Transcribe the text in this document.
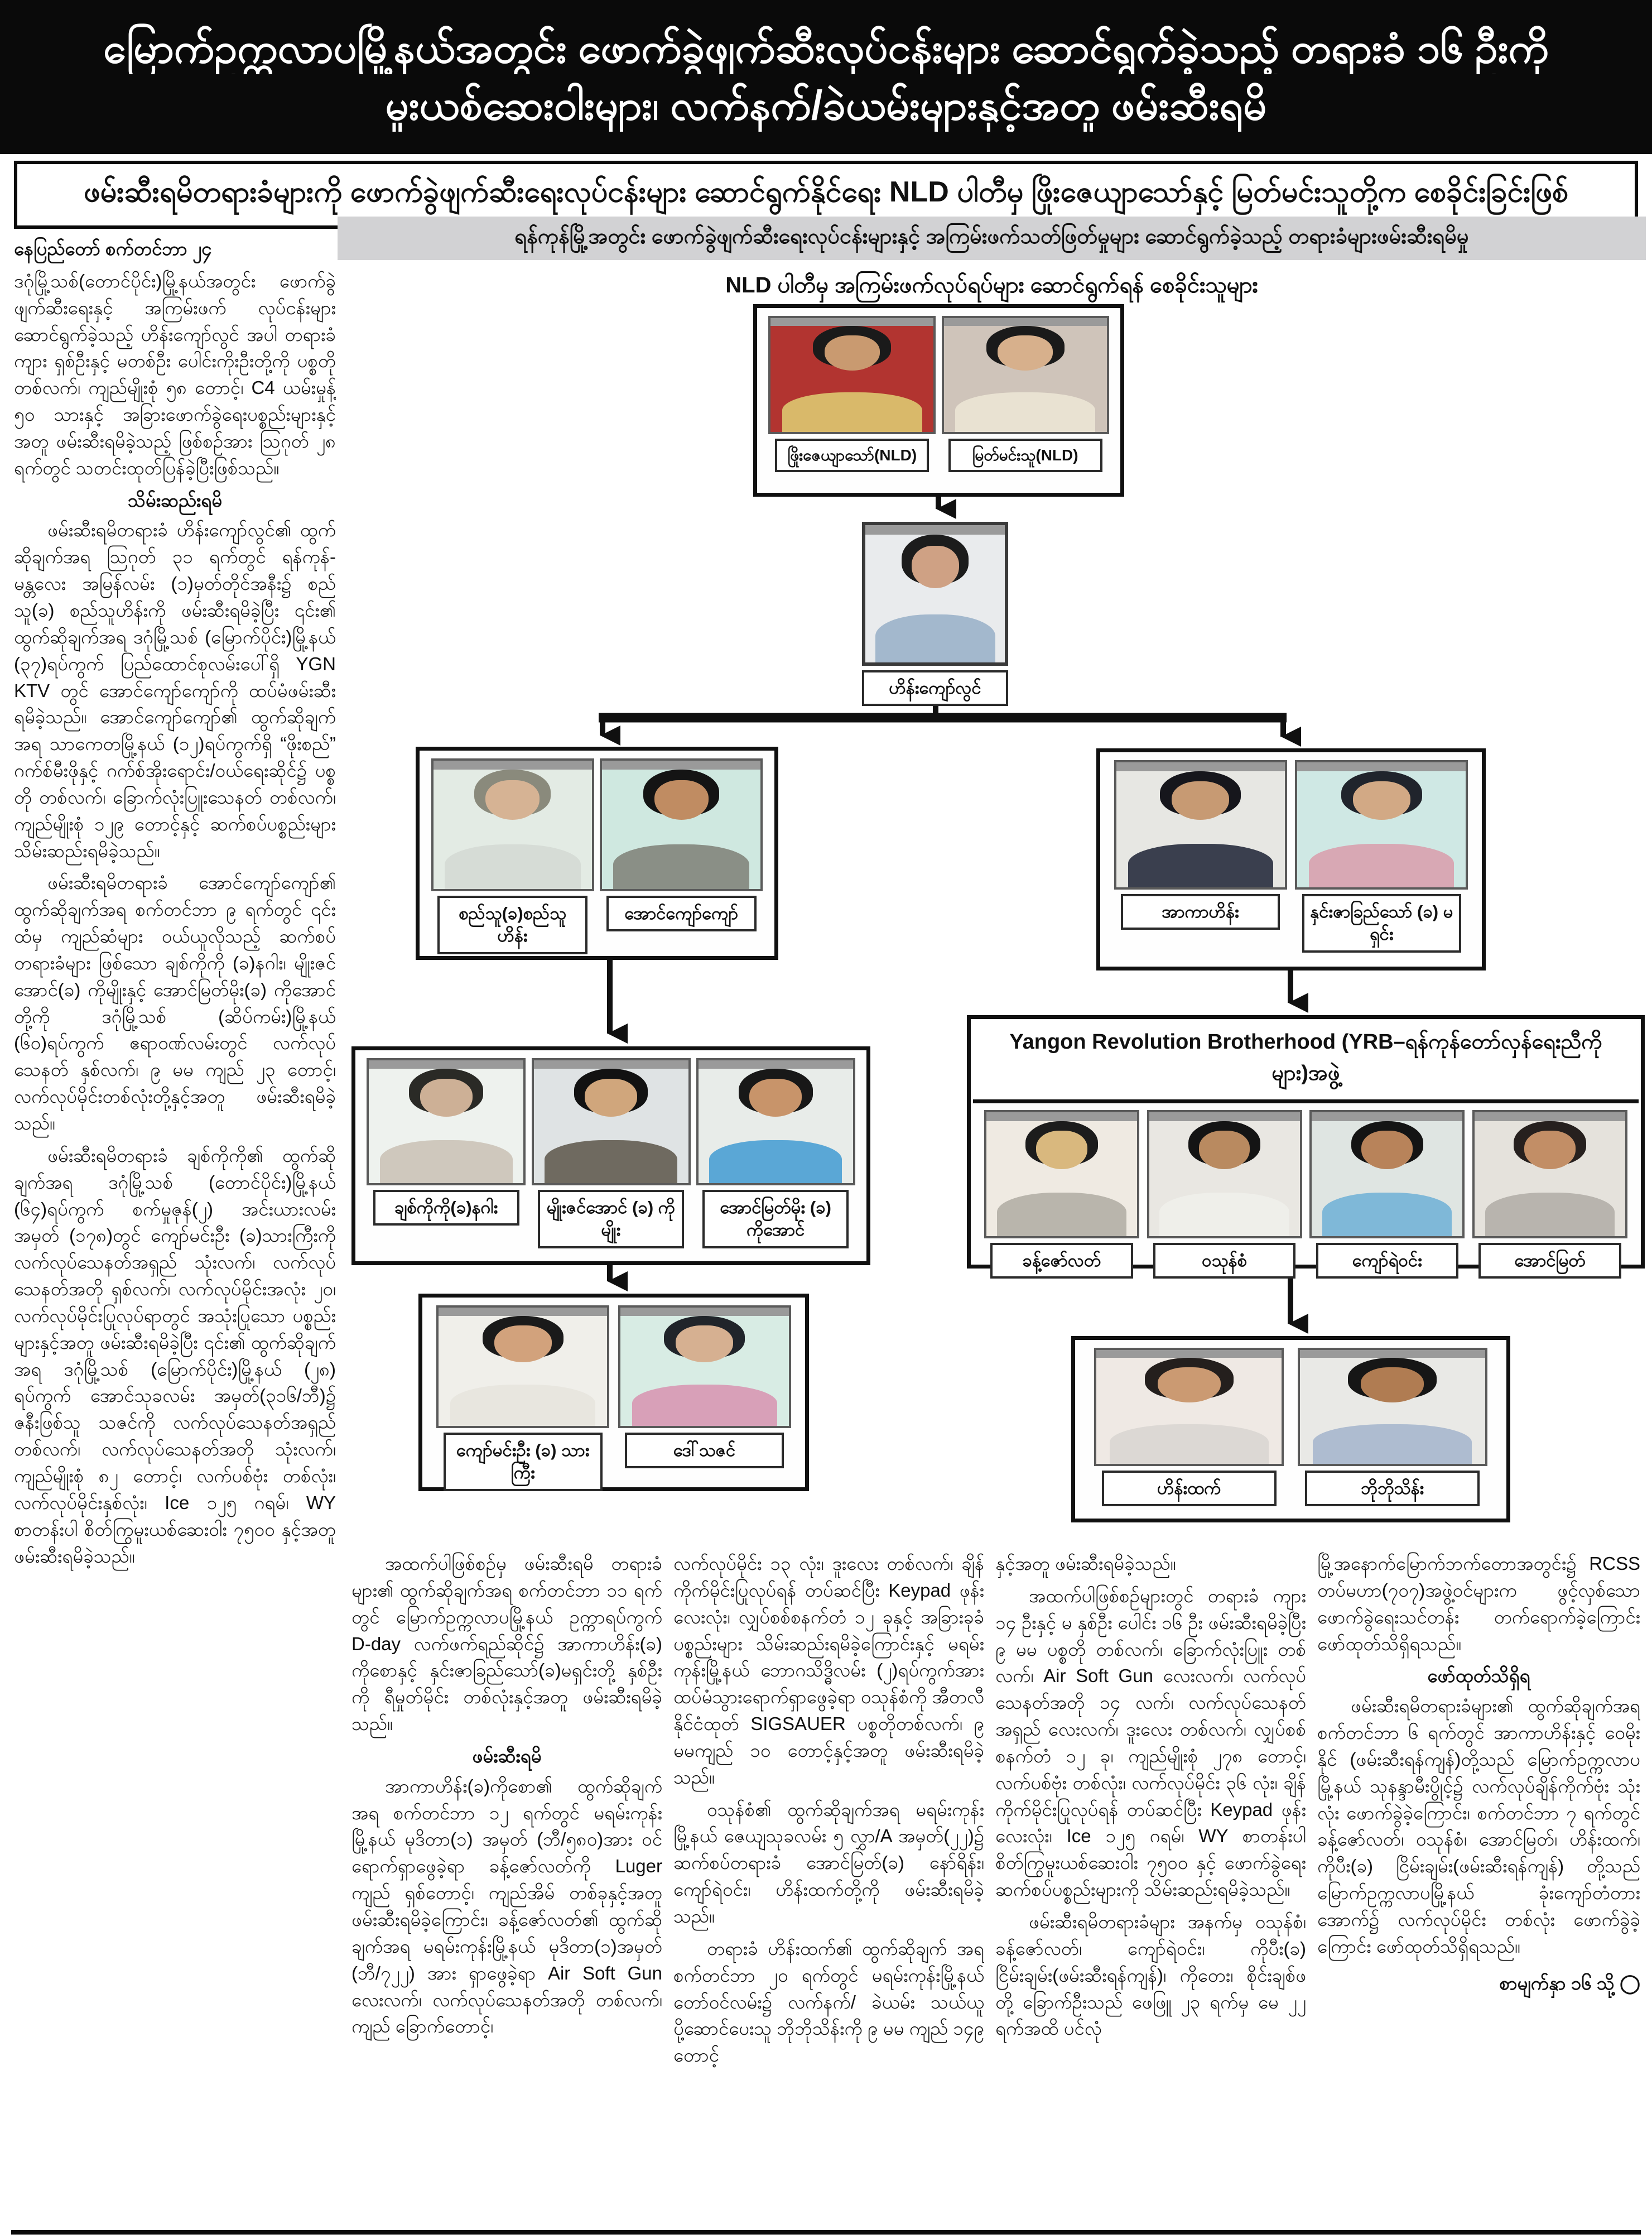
မြောက်ဥက္ကလာပမြို့နယ်အတွင်း ဖောက်ခွဲဖျက်ဆီးလုပ်ငန်းများ ဆောင်ရွက်ခဲ့သည့် တရားခံ ၁၆ ဦးကို
မူးယစ်ဆေးဝါးများ၊ လက်နက်/ခဲယမ်းများနှင့်အတူ ဖမ်းဆီးရမိ
ဖမ်းဆီးရမိတရားခံများကို ဖောက်ခွဲဖျက်ဆီးရေးလုပ်ငန်းများ ဆောင်ရွက်နိုင်ရေး NLD ပါတီမှ ဖြိုးဇေယျာသော်နှင့် မြတ်မင်းသူတို့က စေခိုင်းခြင်းဖြစ်

နေပြည်တော် စက်တင်ဘာ ၂၄

ဒဂုံမြို့သစ်(တောင်ပိုင်း)မြို့နယ်အတွင်း ဖောက်ခွဲဖျက်ဆီးရေးနှင့် အကြမ်းဖက် လုပ်ငန်းများ ဆောင်ရွက်ခဲ့သည့် ဟိန်းကျော်လွင် အပါ တရားခံကျား ရှစ်ဦးနှင့် မတစ်ဦး ပေါင်းကိုးဦးတို့ကို ပစ္စတိုတစ်လက်၊ ကျည်မျိုးစုံ ၅၈ တောင့်၊ C4 ယမ်းမှုန့် ၅၀ သားနှင့် အခြားဖောက်ခွဲရေးပစ္စည်းများနှင့်အတူ ဖမ်းဆီးရမိခဲ့သည့် ဖြစ်စဉ်အား ဩဂုတ် ၂၈ ရက်တွင် သတင်းထုတ်ပြန်ခဲ့ပြီးဖြစ်သည်။

သိမ်းဆည်းရမိ

ဖမ်းဆီးရမိတရားခံ ဟိန်းကျော်လွင်၏ ထွက်ဆိုချက်အရ ဩဂုတ် ၃၁ ရက်တွင် ရန်ကုန်-မန္တလေး အမြန်လမ်း (၁)မှတ်တိုင်အနီး၌ စည်သူ(ခ) စည်သူဟိန်းကို ဖမ်းဆီးရမိခဲ့ပြီး ၎င်း၏ ထွက်ဆိုချက်အရ ဒဂုံမြို့သစ် (မြောက်ပိုင်း)မြို့နယ် (၃၇)ရပ်ကွက် ပြည်ထောင်စုလမ်းပေါ်ရှိ YGN KTV တွင် အောင်ကျော်ကျော်ကို ထပ်မံဖမ်းဆီးရမိခဲ့သည်။ အောင်ကျော်ကျော်၏ ထွက်ဆိုချက်အရ သာကေတမြို့နယ် (၁၂)ရပ်ကွက်ရှိ “ဖိုးစည်” ဂက်စ်မီးဖိုနှင့် ဂက်စ်အိုးရောင်း/ဝယ်ရေးဆိုင်၌ ပစ္စတို တစ်လက်၊ ခြောက်လုံးပြူးသေနတ် တစ်လက်၊ ကျည်မျိုးစုံ ၁၂၉ တောင့်နှင့် ဆက်စပ်ပစ္စည်းများ သိမ်းဆည်းရမိခဲ့သည်။

ဖမ်းဆီးရမိတရားခံ အောင်ကျော်ကျော်၏ ထွက်ဆိုချက်အရ စက်တင်ဘာ ၉ ရက်တွင် ၎င်းထံမှ ကျည်ဆံများ ဝယ်ယူလိုသည့် ဆက်စပ်တရားခံများ ဖြစ်သော ချစ်ကိုကို (ခ)နဂါး၊ မျိုးဇင်အောင်(ခ) ကိုမျိုးနှင့် အောင်မြတ်မိုး(ခ) ကိုအောင်တို့ကို ဒဂုံမြို့သစ် (ဆိပ်ကမ်း)မြို့နယ် (၆၀)ရပ်ကွက် ဧရာဝဏ်လမ်းတွင် လက်လုပ်သေနတ် နှစ်လက်၊ ၉ မမ ကျည် ၂၃ တောင့်၊ လက်လုပ်မိုင်းတစ်လုံးတို့နှင့်အတူ ဖမ်းဆီးရမိခဲ့သည်။

ဖမ်းဆီးရမိတရားခံ ချစ်ကိုကို၏ ထွက်ဆိုချက်အရ ဒဂုံမြို့သစ် (တောင်ပိုင်း)မြို့နယ် (၆၄)ရပ်ကွက် စက်မှုဇုန်(၂) အင်းယားလမ်း အမှတ် (၁၇၈)တွင် ကျော်မင်းဦး (ခ)သားကြီးကို လက်လုပ်သေနတ်အရှည် သုံးလက်၊ လက်လုပ်သေနတ်အတို ရှစ်လက်၊ လက်လုပ်မိုင်းအလုံး ၂၀၊ လက်လုပ်မိုင်းပြုလုပ်ရာတွင် အသုံးပြုသော ပစ္စည်းများနှင့်အတူ ဖမ်းဆီးရမိခဲ့ပြီး ၎င်း၏ ထွက်ဆိုချက်အရ ဒဂုံမြို့သစ် (မြောက်ပိုင်း)မြို့နယ် (၂၈) ရပ်ကွက် အောင်သုခလမ်း အမှတ်(၃၁၆/ဘီ)၌ ဇနီးဖြစ်သူ သဇင်ကို လက်လုပ်သေနတ်အရှည် တစ်လက်၊ လက်လုပ်သေနတ်အတို သုံးလက်၊ ကျည်မျိုးစုံ ၈၂ တောင့်၊ လက်ပစ်ဗုံး တစ်လုံး၊ လက်လုပ်မိုင်းနှစ်လုံး၊ Ice ၁၂၅ ဂရမ်၊ WY စာတန်းပါ စိတ်ကြွမူးယစ်ဆေးဝါး ၇၅၀၀ နှင့်အတူ ဖမ်းဆီးရမိခဲ့သည်။

ရန်ကုန်မြို့အတွင်း ဖောက်ခွဲဖျက်ဆီးရေးလုပ်ငန်းများနှင့် အကြမ်းဖက်သတ်ဖြတ်မှုများ ဆောင်ရွက်ခဲ့သည့် တရားခံများဖမ်းဆီးရမိမှု
NLD ပါတီမှ အကြမ်းဖက်လုပ်ရပ်များ ဆောင်ရွက်ရန် စေခိုင်းသူများ
ဖြိုးဇေယျာသော်(NLD)	မြတ်မင်းသူ(NLD)
ဟိန်းကျော်လွင်
စည်သူ(ခ)စည်သူဟိန်း
အောင်ကျော်ကျော်	အာကာဟိန်း	နှင်းဇာခြည်သော် (ခ) မရှင်း
ချစ်ကိုကို(ခ)နဂါး	မျိုးဇင်အောင် (ခ) ကိုမျိုး
အောင်မြတ်မိုး (ခ) ကိုအောင်
Yangon Revolution Brotherhood (YRB–ရန်ကုန်တော်လှန်ရေးညီကိုများ)အဖွဲ့
ခန့်ဇော်လတ်	ဝသုန်စံ	ကျော်ရဲဝင်း	အောင်မြတ်
ကျော်မင်းဦး (ခ) သားကြီး
ဒေါ်သဇင်
ဟိန်းထက်	ဘိုဘိုသိန်း

အထက်ပါဖြစ်စဉ်မှ ဖမ်းဆီးရမိ တရားခံများ၏ ထွက်ဆိုချက်အရ စက်တင်ဘာ ၁၁ ရက်တွင် မြောက်ဥက္ကလာပမြို့နယ် ဥက္ကာရပ်ကွက် D-day လက်ဖက်ရည်ဆိုင်၌ အာကာဟိန်း(ခ) ကိုစောနှင့် နှင်းဇာခြည်သော်(ခ)မရှင်းတို့ နှစ်ဦးကို ရီမှုတ်မိုင်း တစ်လုံးနှင့်အတူ ဖမ်းဆီးရမိခဲ့သည်။

ဖမ်းဆီးရမိ

အာကာဟိန်း(ခ)ကိုစော၏ ထွက်ဆိုချက်အရ စက်တင်ဘာ ၁၂ ရက်တွင် မရမ်းကုန်းမြို့နယ် မုဒိတာ(၁) အမှတ် (ဘီ/၅၈၀)အား ဝင်ရောက်ရှာဖွေခဲ့ရာ ခန့်ဇော်လတ်ကို Luger ကျည် ရှစ်တောင့်၊ ကျည်အိမ် တစ်ခုနှင့်အတူ ဖမ်းဆီးရမိခဲ့ကြောင်း၊ ခန့်ဇော်လတ်၏ ထွက်ဆိုချက်အရ မရမ်းကုန်းမြို့နယ် မုဒိတာ(၁)အမှတ် (ဘီ/၇၂၂) အား ရှာဖွေခဲ့ရာ Air Soft Gun လေးလက်၊ လက်လုပ်သေနတ်အတို တစ်လက်၊ ကျည် ခြောက်တောင့်၊

လက်လုပ်မိုင်း ၁၃ လုံး၊ ဒူးလေး တစ်လက်၊ ချိန်ကိုက်မိုင်းပြုလုပ်ရန် တပ်ဆင်ပြီး Keypad ဖုန်း လေးလုံး၊ လျှပ်စစ်စနက်တံ ၁၂ ခုနှင့် အခြားခုခံပစ္စည်းများ သိမ်းဆည်းရမိခဲ့ကြောင်းနှင့် မရမ်းကုန်းမြို့နယ် ဘောဂသိဒ္ဓိလမ်း (၂)ရပ်ကွက်အား ထပ်မံသွားရောက်ရှာဖွေခဲ့ရာ ဝသုန်စံကို အီတလီနိုင်ငံထုတ် SIGSAUER ပစ္စတိုတစ်လက်၊ ၉ မမကျည် ၁၀ တောင့်နှင့်အတူ ဖမ်းဆီးရမိခဲ့သည်။

ဝသုန်စံ၏ ထွက်ဆိုချက်အရ မရမ်းကုန်းမြို့နယ် ဇေယျသုခလမ်း ၅ လွှာ/A အမှတ်(၂၂)၌ ဆက်စပ်တရားခံ အောင်မြတ်(ခ) နော်ရိန်း၊ ကျော်ရဲဝင်း၊ ဟိန်းထက်တို့ကို ဖမ်းဆီးရမိခဲ့သည်။

တရားခံ ဟိန်းထက်၏ ထွက်ဆိုချက် အရ စက်တင်ဘာ ၂၀ ရက်တွင် မရမ်းကုန်းမြို့နယ် တော်ဝင်လမ်း၌ လက်နက်/ ခဲယမ်း သယ်ယူပို့ဆောင်ပေးသူ ဘိုဘိုသိန်းကို ၉ မမ ကျည် ၁၄၉ တောင့်

နှင့်အတူ ဖမ်းဆီးရမိခဲ့သည်။

အထက်ပါဖြစ်စဉ်များတွင် တရားခံ ကျား ၁၄ ဦးနှင့် မ နှစ်ဦး ပေါင်း ၁၆ ဦး ဖမ်းဆီးရမိခဲ့ပြီး ၉ မမ ပစ္စတို တစ်လက်၊ ခြောက်လုံးပြူး တစ်လက်၊ Air Soft Gun လေးလက်၊ လက်လုပ်သေနတ်အတို ၁၄ လက်၊ လက်လုပ်သေနတ်အရှည် လေးလက်၊ ဒူးလေး တစ်လက်၊ လျှပ်စစ်စနက်တံ ၁၂ ခု၊ ကျည်မျိုးစုံ ၂၇၈ တောင့်၊ လက်ပစ်ဗုံး တစ်လုံး၊ လက်လုပ်မိုင်း ၃၆ လုံး၊ ချိန်ကိုက်မိုင်းပြုလုပ်ရန် တပ်ဆင်ပြီး Keypad ဖုန်း လေးလုံး၊ Ice ၁၂၅ ဂရမ်၊ WY စာတန်းပါ စိတ်ကြွမူးယစ်ဆေးဝါး ၇၅၀၀ နှင့် ဖောက်ခွဲရေးဆက်စပ်ပစ္စည်းများကို သိမ်းဆည်းရမိခဲ့သည်။

ဖမ်းဆီးရမိတရားခံများ အနက်မှ ဝသုန်စံ၊ ခန့်ဇော်လတ်၊ ကျော်ရဲဝင်း၊ ကိုပီး(ခ) ငြိမ်းချမ်း(ဖမ်းဆီးရန်ကျန်)၊ ကိုတေး၊ စိုင်းချစ်ဖတို့ ခြောက်ဦးသည် ဖေဖြူ ၂၃ ရက်မှ မေ ၂၂ ရက်အထိ ပင်လုံ

မြို့အနောက်မြောက်ဘက်တောအတွင်း၌ RCSS တပ်မဟာ(၇၀၇)အဖွဲ့ဝင်များက ဖွင့်လှစ်သော ဖောက်ခွဲရေးသင်တန်း တက်ရောက်ခဲ့ကြောင်း ဖော်ထုတ်သိရှိရသည်။

ဖော်ထုတ်သိရှိရ

ဖမ်းဆီးရမိတရားခံများ၏ ထွက်ဆိုချက်အရ စက်တင်ဘာ ၆ ရက်တွင် အာကာဟိန်းနှင့် ဝေမိုးနိုင် (ဖမ်းဆီးရန်ကျန်)တို့သည် မြောက်ဥက္ကလာပမြို့နယ် သုနန္ဒာမီးပွိုင့်၌ လက်လုပ်ချိန်ကိုက်ဗုံး သုံးလုံး ဖောက်ခွဲခဲ့ကြောင်း၊ စက်တင်ဘာ ၇ ရက်တွင် ခန့်ဇော်လတ်၊ ဝသုန်စံ၊ အောင်မြတ်၊ ဟိန်းထက်၊ ကိုပီး(ခ) ငြိမ်းချမ်း(ဖမ်းဆီးရန်ကျန်) တို့သည် မြောက်ဥက္ကလာပမြို့နယ် ခုံးကျော်တံတားအောက်၌ လက်လုပ်မိုင်း တစ်လုံး ဖောက်ခွဲခဲ့ကြောင်း ဖော်ထုတ်သိရှိရသည်။

စာမျက်နှာ ၁၆ သို့ ◯
